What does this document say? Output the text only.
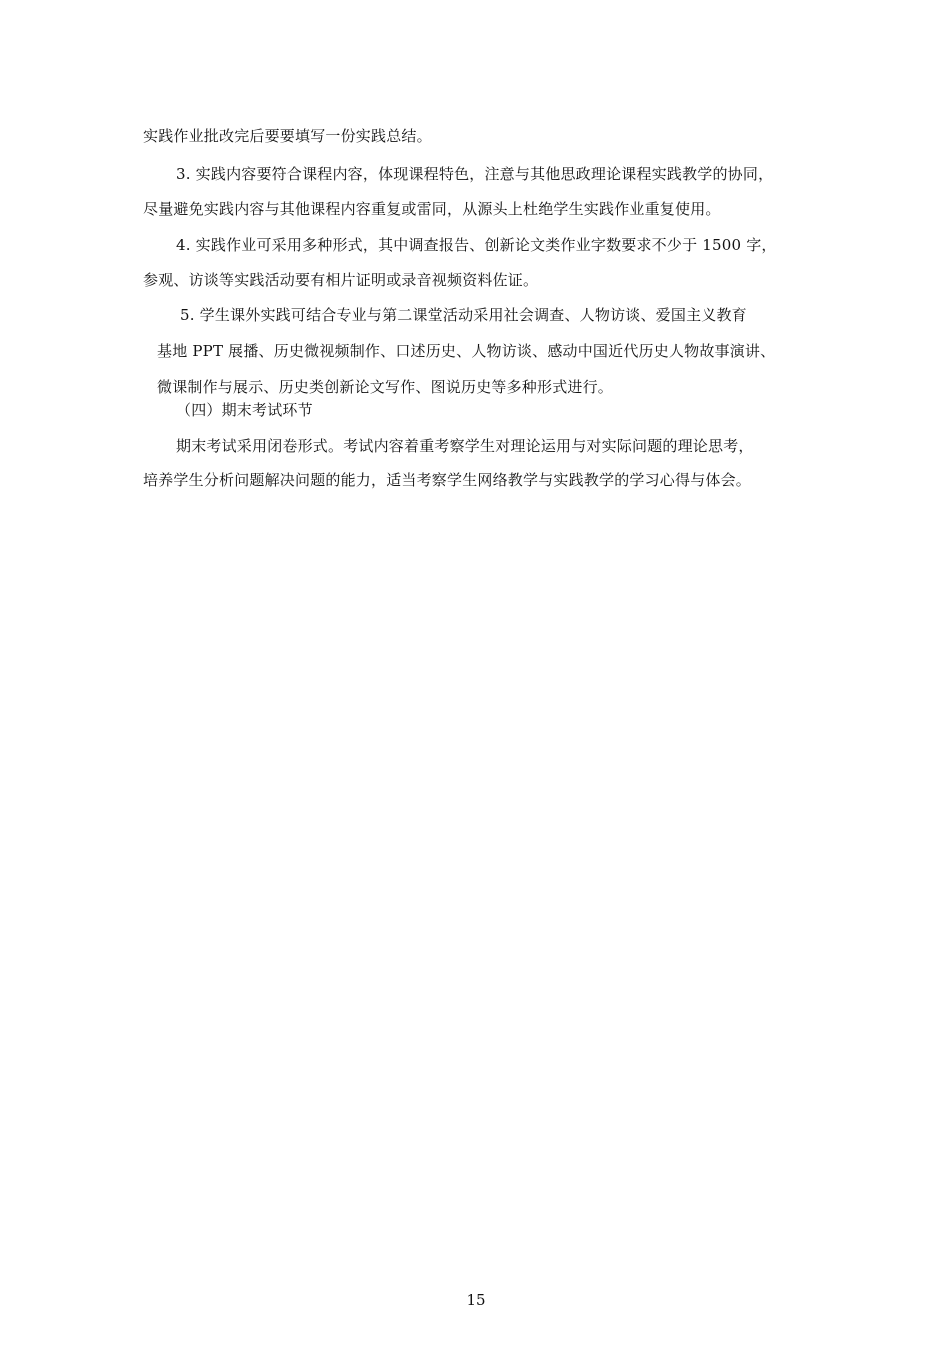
实践作业批改完后要要填写一份实践总结。
3. 实践内容要符合课程内容，体现课程特色，注意与其他思政理论课程实践教学的协同，
尽量避免实践内容与其他课程内容重复或雷同，从源头上杜绝学生实践作业重复使用。
4. 实践作业可采用多种形式，其中调查报告、创新论文类作业字数要求不少于 1500 字，
参观、访谈等实践活动要有相片证明或录音视频资料佐证。
5. 学生课外实践可结合专业与第二课堂活动采用社会调查、人物访谈、爱国主义教育
基地 PPT 展播、历史微视频制作、口述历史、人物访谈、感动中国近代历史人物故事演讲、
微课制作与展示、历史类创新论文写作、图说历史等多种形式进行。
（四）期末考试环节
期末考试采用闭卷形式。考试内容着重考察学生对理论运用与对实际问题的理论思考，
培养学生分析问题解决问题的能力，适当考察学生网络教学与实践教学的学习心得与体会。
15
